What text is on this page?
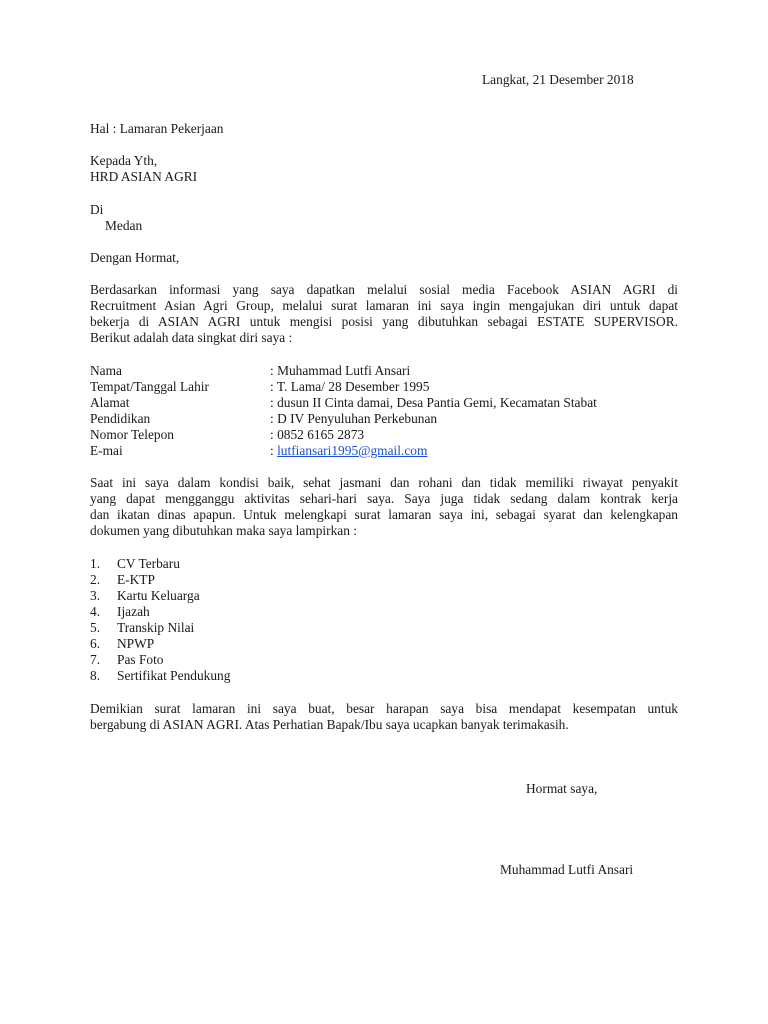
Langkat, 21 Desember 2018
Hal : Lamaran Pekerjaan
Kepada Yth,
HRD ASIAN AGRI
Di
Medan
Dengan Hormat,
Berdasarkan informasi yang saya dapatkan melalui sosial media Facebook ASIAN AGRI di
Recruitment Asian Agri Group, melalui surat lamaran ini saya ingin mengajukan diri untuk dapat
bekerja di ASIAN AGRI untuk mengisi posisi yang dibutuhkan sebagai ESTATE SUPERVISOR.
Berikut adalah data singkat diri saya :
Nama	: Muhammad Lutfi Ansari
Tempat/Tanggal Lahir	: T. Lama/ 28 Desember 1995
Alamat	: dusun II Cinta damai, Desa Pantia Gemi, Kecamatan Stabat
Pendidikan	: D IV Penyuluhan Perkebunan
Nomor Telepon	: 0852 6165 2873
E-mai	: lutfiansari1995@gmail.com
Saat ini saya dalam kondisi baik, sehat jasmani dan rohani dan tidak memiliki riwayat penyakit
yang dapat mengganggu aktivitas sehari-hari saya. Saya juga tidak sedang dalam kontrak kerja
dan ikatan dinas apapun. Untuk melengkapi surat lamaran saya ini, sebagai syarat dan kelengkapan
dokumen yang dibutuhkan maka saya lampirkan :
1. CV Terbaru
2. E-KTP
3. Kartu Keluarga
4. Ijazah
5. Transkip Nilai
6. NPWP
7. Pas Foto
8. Sertifikat Pendukung
Demikian surat lamaran ini saya buat, besar harapan saya bisa mendapat kesempatan untuk
bergabung di ASIAN AGRI. Atas Perhatian Bapak/Ibu saya ucapkan banyak terimakasih.
Hormat saya,
Muhammad Lutfi Ansari
